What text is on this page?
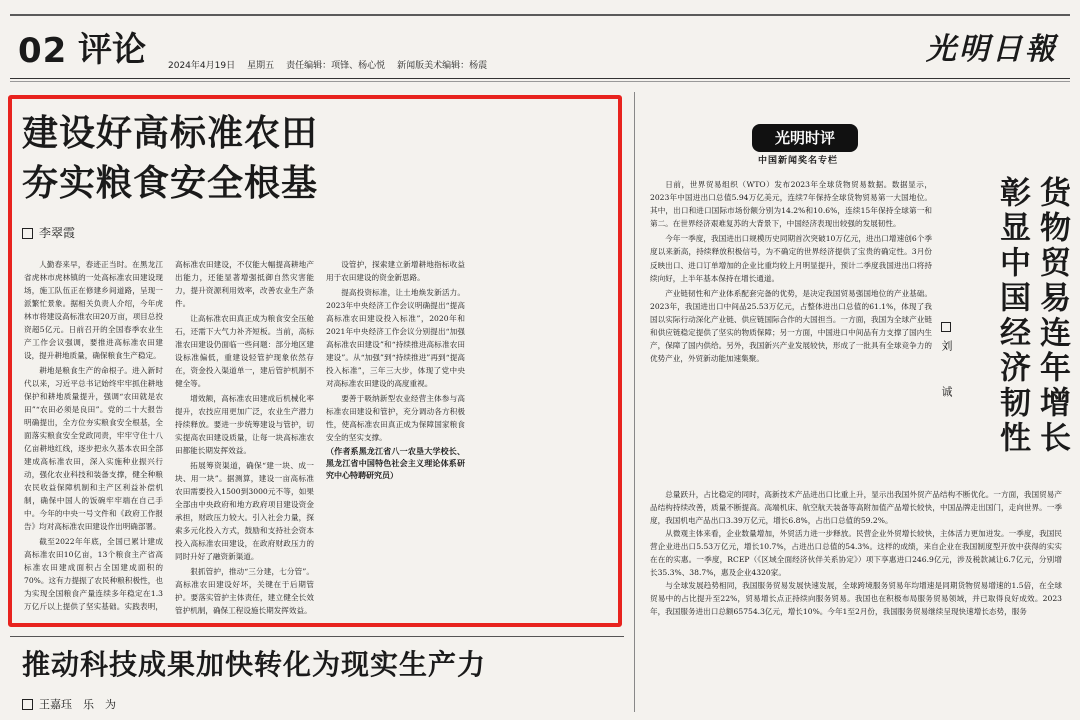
02 评论 2024年4月19日 星期五 责任编辑：项锋、杨心悦 新闻版美术编辑：杨震	光明日報
建设好高标准农田
夯实粮食安全根基
李翠霞

人勤春来早，春迹正当时。在黑龙江省虎林市虎林镇的一处高标准农田建设现场，施工队伍正在修建乡间道路，呈现一派繁忙景象。据相关负责人介绍，今年虎林市将建设高标准农田20万亩，项目总投资超5亿元。日前召开的全国春季农业生产工作会议强调，要推进高标准农田建设，提升耕地质量，确保粮食生产稳定。

耕地是粮食生产的命根子。进入新时代以来，习近平总书记始终牢牢抓住耕地保护和耕地质量提升，强调“农田就是农田”“农田必须是良田”。党的二十大报告明确提出，全方位夯实粮食安全根基，全面落实粮食安全党政同责，牢牢守住十八亿亩耕地红线，逐步把永久基本农田全部建成高标准农田，深入实施种业振兴行动，强化农业科技和装备支撑，健全种粮农民收益保障机制和主产区利益补偿机制，确保中国人的饭碗牢牢端在自己手中。今年的中央一号文件和《政府工作报告》均对高标准农田建设作出明确部署。

截至2022年年底，全国已累计建成高标准农田10亿亩，13个粮食主产省高标准农田建成面积占全国建成面积的70%。这有力提振了农民种粮积极性，也为实现全国粮食产量连续多年稳定在1.3万亿斤以上提供了坚实基础。实践表明，高标准农田建设，不仅能大幅提高耕地产出能力，还能显著增强抵御自然灾害能力，提升资源利用效率，改善农业生产条件。

让高标准农田真正成为粮食安全压舱石，还需下大气力补齐短板。当前，高标准农田建设仍面临一些问题：部分地区建设标准偏低，重建设轻管护现象依然存在，资金投入渠道单一，建后管护机制不健全等。

增效额，高标准农田建成后机械化率提升，农技应用更加广泛，农业生产潜力持续释放。要进一步统筹建设与管护，切实提高农田建设质量，让每一块高标准农田都能长期发挥效益。

拓展筹资渠道，确保“建一块、成一块、用一块”。据测算，建设一亩高标准农田需要投入1500到3000元不等，如果全部由中央政府和地方政府项目建设资金承担，财政压力较大。引入社会力量，探索多元化投入方式，鼓励和支持社会资本投入高标准农田建设，在政府财政压力的同时升好了融资新渠道。

狠抓管护，推动“三分建，七分管”。高标准农田建设好坏，关键在于后期管护。要落实管护主体责任，建立健全长效管护机制，确保工程设施长期发挥效益。

设管护，探索建立新增耕地指标收益用于农田建设的资金新思路。

提高投资标准，让土地焕发新活力。2023年中央经济工作会议明确提出“提高高标准农田建设投入标准”，2020年和2021年中央经济工作会议分别提出“加强高标准农田建设”和“持续推进高标准农田建设”。从“加强”到“持续推进”再到“提高投入标准”，三年三大步，体现了党中央对高标准农田建设的高度重视。

要善于吸纳新型农业经营主体参与高标准农田建设和管护，充分调动各方积极性，使高标准农田真正成为保障国家粮食安全的坚实支撑。

（作者系黑龙江省八一农垦大学校长、黑龙江省中国特色社会主义理论体系研究中心特聘研究员）

推动科技成果加快转化为现实生产力
王嘉珏　乐　为
光明时评
中国新闻奖名专栏
货物贸易连年增长
彰显中国经济韧性
刘　诚

日前，世界贸易组织（WTO）发布2023年全球货物贸易数据。数据显示，2023年中国进出口总值5.94万亿美元，连续7年保持全球货物贸易第一大国地位。其中，出口和进口国际市场份额分别为14.2%和10.6%，连续15年保持全球第一和第二。在世界经济艰难复苏的大背景下，中国经济表现出较强的发展韧性。

今年一季度，我国进出口规模历史同期首次突破10万亿元，进出口增速创6个季度以来新高，持续释放积极信号，为不确定的世界经济提供了宝贵的确定性。3月份反映出口、进口订单增加的企业比重均较上月明显提升，预计二季度我国进出口将持续向好，上半年基本保持在增长通道。

产业链韧性和产业体系配套完备的优势，是决定我国贸易强国地位的产业基础。2023年，我国进出口中间品25.53万亿元，占整体进出口总值的61.1%，体现了我国以实际行动深化产业链、供应链国际合作的大国担当。一方面，我国为全球产业链和供应链稳定提供了坚实的物质保障；另一方面，中国进口中间品有力支撑了国内生产，保障了国内供给。另外，我国新兴产业发展较快，形成了一批具有全球竞争力的优势产业，外贸新动能加速集聚。

总量跃升，占比稳定的同时，高新技术产品进出口比重上升，显示出我国外贸产品结构不断优化。一方面，我国贸易产品结构持续改善，质量不断提高。高端机床、航空航天装备等高附加值产品增长较快，中国品牌走出国门，走向世界。一季度，我国机电产品出口3.39万亿元，增长6.8%，占出口总值的59.2%。

从微观主体来看，企业数量增加，外贸活力进一步释放。民营企业外贸增长较快，主体活力更加迸发。一季度，我国民营企业进出口5.53万亿元，增长10.7%，占进出口总值的54.3%。这样的成绩，来自企业在我国制度型开放中获得的实实在在的实惠。一季度，RCEP（《区域全面经济伙伴关系协定》）项下享惠进口246.9亿元，涉及税款减让6.7亿元，分别增长35.3%、38.7%，惠及企业4320家。

与全球发展趋势相同，我国服务贸易发展快速发展，全球跨境服务贸易年均增速是同期货物贸易增速的1.5倍，在全球贸易中的占比提升至22%，贸易增长点正持续向服务贸易。我国也在积极布局服务贸易领域，并已取得良好成效。2023年，我国服务进出口总额65754.3亿元，增长10%。今年1至2月份，我国服务贸易继续呈现快速增长态势，服务
